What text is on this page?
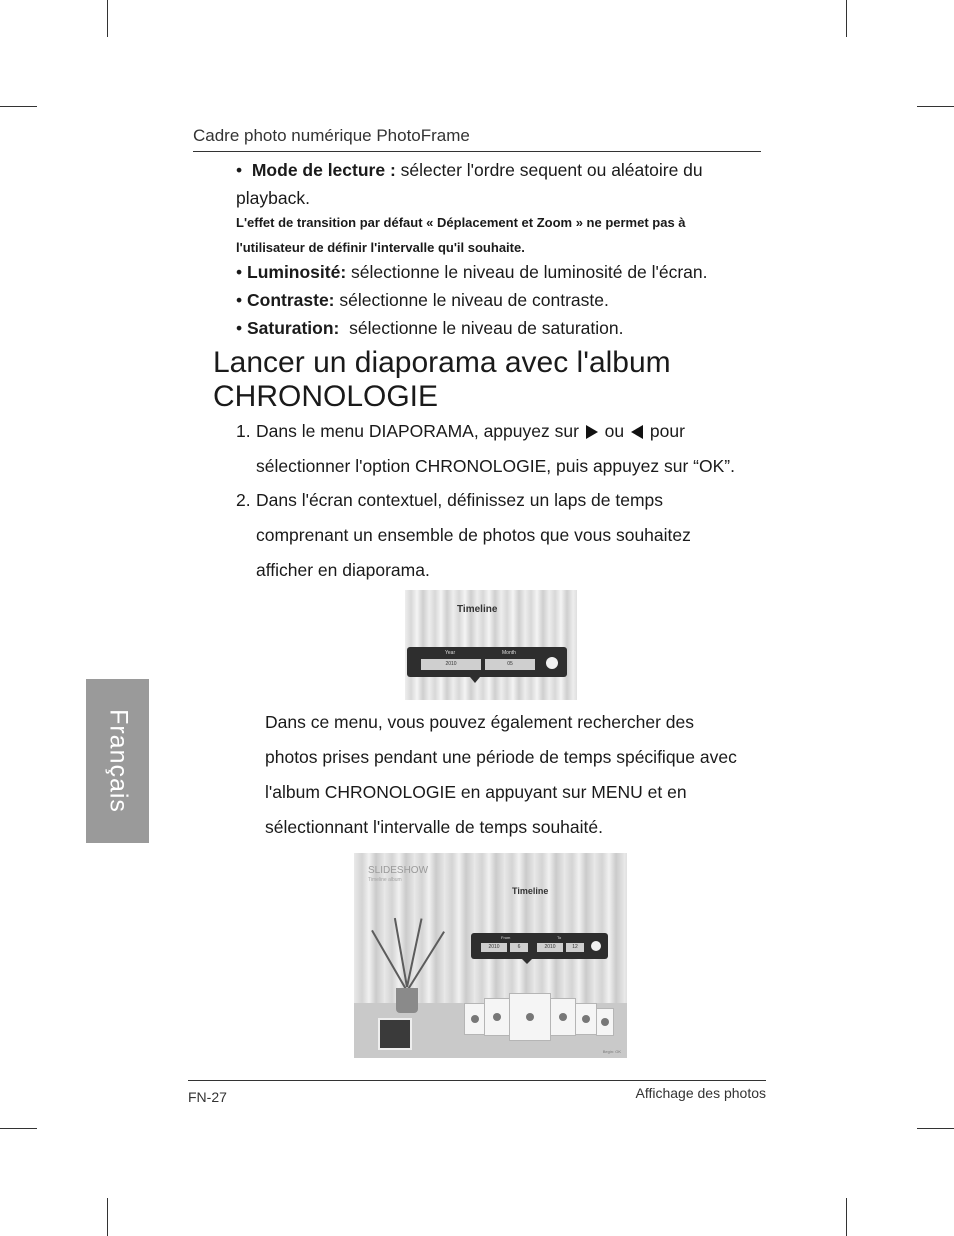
Cadre photo numérique PhotoFrame
•  Mode de lecture : sélecter l'ordre sequent ou aléatoire du playback.
L'effet de transition par défaut « Déplacement et Zoom » ne permet pas à l'utilisateur de définir l'intervalle qu'il souhaite.
• Luminosité: sélectionne le niveau de luminosité de l'écran.
• Contraste: sélectionne le niveau de contraste.
• Saturation:  sélectionne le niveau de saturation.
Lancer un diaporama avec l'album
CHRONOLOGIE
1. Dans le menu DIAPORAMA, appuyez sur ou pour
sélectionner l'option CHRONOLOGIE, puis appuyez sur “OK”.
2. Dans l'écran contextuel, définissez un laps de temps
comprenant un ensemble de photos que vous souhaitez
afficher en diaporama.
Dans ce menu, vous pouvez également rechercher des
photos prises pendant une période de temps spécifique avec
l'album CHRONOLOGIE en appuyant sur MENU et en
sélectionnant l'intervalle de temps souhaité.
Timeline
Year	Month
2010	05
SLIDESHOW
Timeline album
Timeline
From	To
2010	6	2010	12
Begin: OK
Français
FN-27	Affichage des photos
